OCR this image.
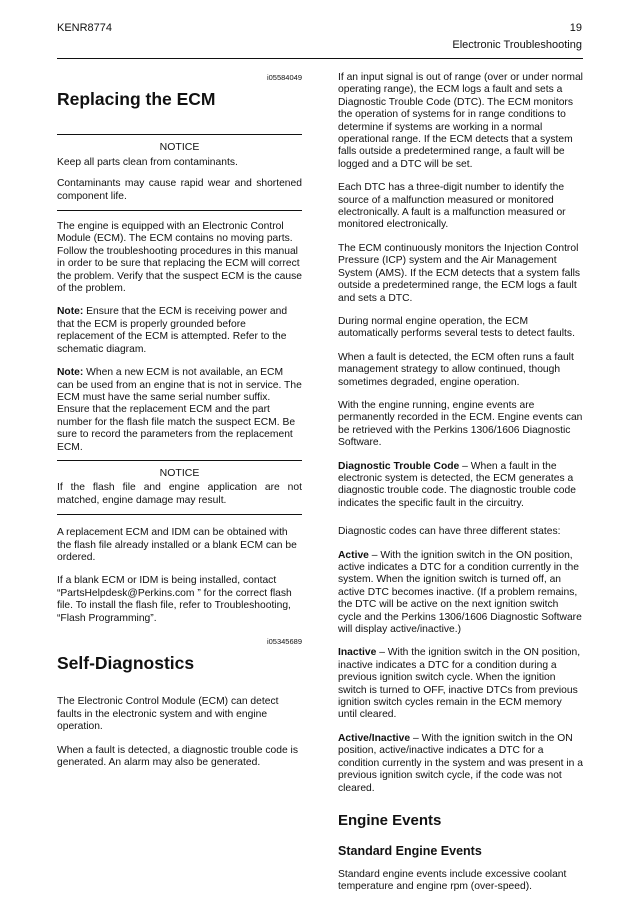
KENR8774	19
Electronic Troubleshooting
i05584049
Replacing the ECM
NOTICE

Keep all parts clean from contaminants.

Contaminants may cause rapid wear and shortened component life.

The engine is equipped with an Electronic Control Module (ECM). The ECM contains no moving parts. Follow the troubleshooting procedures in this manual in order to be sure that replacing the ECM will correct the problem. Verify that the suspect ECM is the cause of the problem.

Note: Ensure that the ECM is receiving power and that the ECM is properly grounded before replacement of the ECM is attempted. Refer to the schematic diagram.

Note: When a new ECM is not available, an ECM can be used from an engine that is not in service. The ECM must have the same serial number suffix. Ensure that the replacement ECM and the part number for the flash file match the suspect ECM. Be sure to record the parameters from the replacement ECM.

NOTICE

If the flash file and engine application are not matched, engine damage may result.

A replacement ECM and IDM can be obtained with the flash file already installed or a blank ECM can be ordered.

If a blank ECM or IDM is being installed, contact “PartsHelpdesk@Perkins.com ” for the correct flash file. To install the flash file, refer to Troubleshooting, “Flash Programming”.

i05345689
Self-Diagnostics

The Electronic Control Module (ECM) can detect faults in the electronic system and with engine operation.

When a fault is detected, a diagnostic trouble code is generated. An alarm may also be generated.

If an input signal is out of range (over or under normal operating range), the ECM logs a fault and sets a Diagnostic Trouble Code (DTC). The ECM monitors the operation of systems for in range conditions to determine if systems are working in a normal operational range. If the ECM detects that a system falls outside a predetermined range, a fault will be logged and a DTC will be set.

Each DTC has a three-digit number to identify the source of a malfunction measured or monitored electronically. A fault is a malfunction measured or monitored electronically.

The ECM continuously monitors the Injection Control Pressure (ICP) system and the Air Management System (AMS). If the ECM detects that a system falls outside a predetermined range, the ECM logs a fault and sets a DTC.

During normal engine operation, the ECM automatically performs several tests to detect faults.

When a fault is detected, the ECM often runs a fault management strategy to allow continued, though sometimes degraded, engine operation.

With the engine running, engine events are permanently recorded in the ECM. Engine events can be retrieved with the Perkins 1306/1606 Diagnostic Software.

Diagnostic Trouble Code – When a fault in the electronic system is detected, the ECM generates a diagnostic trouble code. The diagnostic trouble code indicates the specific fault in the circuitry.

Diagnostic codes can have three different states:

Active – With the ignition switch in the ON position, active indicates a DTC for a condition currently in the system. When the ignition switch is turned off, an active DTC becomes inactive. (If a problem remains, the DTC will be active on the next ignition switch cycle and the Perkins 1306/1606 Diagnostic Software will display active/inactive.)

Inactive – With the ignition switch in the ON position, inactive indicates a DTC for a condition during a previous ignition switch cycle. When the ignition switch is turned to OFF, inactive DTCs from previous ignition switch cycles remain in the ECM memory until cleared.

Active/Inactive – With the ignition switch in the ON position, active/inactive indicates a DTC for a condition currently in the system and was present in a previous ignition switch cycle, if the code was not cleared.

Engine Events
Standard Engine Events

Standard engine events include excessive coolant temperature and engine rpm (over-speed).
